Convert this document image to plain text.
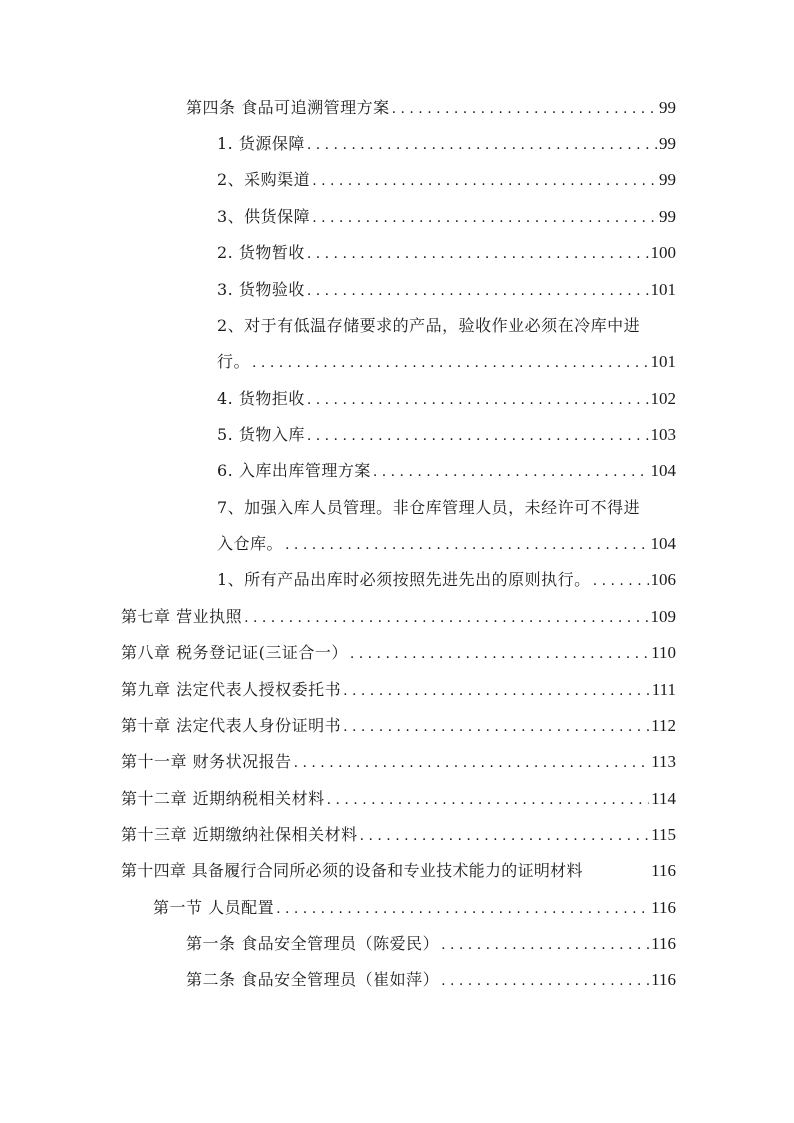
第四条 食品可追溯管理方案 . . .	99
1. 货源保障 . . .	99
2、采购渠道 . . .	99
3、供货保障 . . .	99
2. 货物暂收 . . .	100
3. 货物验收 . . .	101
2、对于有低温存储要求的产品，验收作业必须在冷库中进
行。 . . .	101
4. 货物拒收 . . .	102
5. 货物入库 . . .	103
6. 入库出库管理方案 . . .	104
7、加强入库人员管理。非仓库管理人员，未经许可不得进
入仓库。 . . .	104
1、所有产品出库时必须按照先进先出的原则执行。 . . .	106
第七章 营业执照 . . .	109
第八章 税务登记证(三证合一） . . .	110
第九章 法定代表人授权委托书 . . .	111
第十章 法定代表人身份证明书 . . .	112
第十一章 财务状况报告 . . .	113
第十二章 近期纳税相关材料 . . .	114
第十三章 近期缴纳社保相关材料 . . .	115
第十四章 具备履行合同所必须的设备和专业技术能力的证明材料	116
第一节 人员配置 . . .	116
第一条 食品安全管理员（陈爱民） . . .	116
第二条 食品安全管理员（崔如萍） . . .	116
